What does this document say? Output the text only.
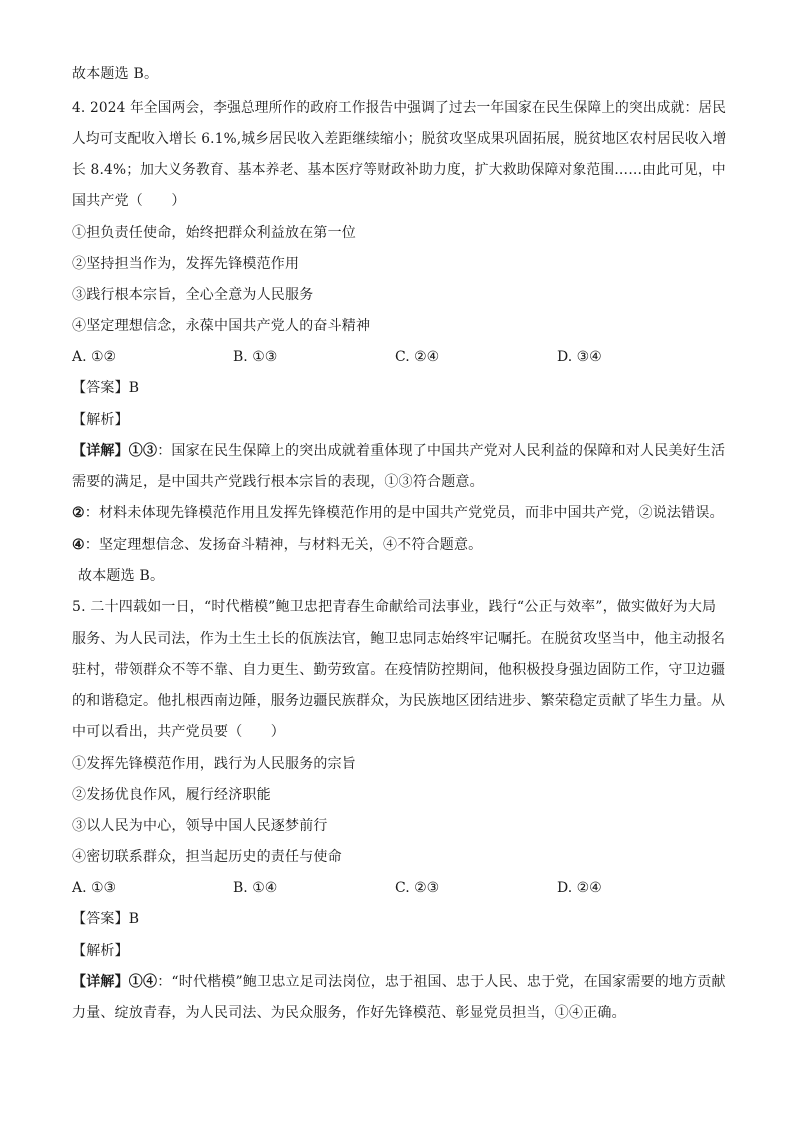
故本题选 B。
4. 2024 年全国两会，李强总理所作的政府工作报告中强调了过去一年国家在民生保障上的突出成就：居民
人均可支配收入增长 6.1%,城乡居民收入差距继续缩小；脱贫攻坚成果巩固拓展，脱贫地区农村居民收入增
长 8.4%；加大义务教育、基本养老、基本医疗等财政补助力度，扩大救助保障对象范围……由此可见，中
国共产党（　　）
①担负责任使命，始终把群众利益放在第一位
②坚持担当作为，发挥先锋模范作用
③践行根本宗旨，全心全意为人民服务
④坚定理想信念，永葆中国共产党人的奋斗精神
A. ①②	B. ①③	C. ②④	D. ③④
【答案】B
【解析】
【详解】①③：国家在民生保障上的突出成就着重体现了中国共产党对人民利益的保障和对人民美好生活
需要的满足，是中国共产党践行根本宗旨的表现，①③符合题意。
②：材料未体现先锋模范作用且发挥先锋模范作用的是中国共产党党员，而非中国共产党，②说法错误。
④：坚定理想信念、发扬奋斗精神，与材料无关，④不符合题意。
故本题选 B。
5. 二十四载如一日，“时代楷模”鲍卫忠把青春生命献给司法事业，践行“公正与效率”，做实做好为大局
服务、为人民司法，作为土生土长的佤族法官，鲍卫忠同志始终牢记嘱托。在脱贫攻坚当中，他主动报名
驻村，带领群众不等不靠、自力更生、勤劳致富。在疫情防控期间，他积极投身强边固防工作，守卫边疆
的和谐稳定。他扎根西南边陲，服务边疆民族群众，为民族地区团结进步、繁荣稳定贡献了毕生力量。从
中可以看出，共产党员要（　　）
①发挥先锋模范作用，践行为人民服务的宗旨
②发扬优良作风，履行经济职能
③以人民为中心，领导中国人民逐梦前行
④密切联系群众，担当起历史的责任与使命
A. ①③	B. ①④	C. ②③	D. ②④
【答案】B
【解析】
【详解】①④：“时代楷模”鲍卫忠立足司法岗位，忠于祖国、忠于人民、忠于党，在国家需要的地方贡献
力量、绽放青春，为人民司法、为民众服务，作好先锋模范、彰显党员担当，①④正确。
